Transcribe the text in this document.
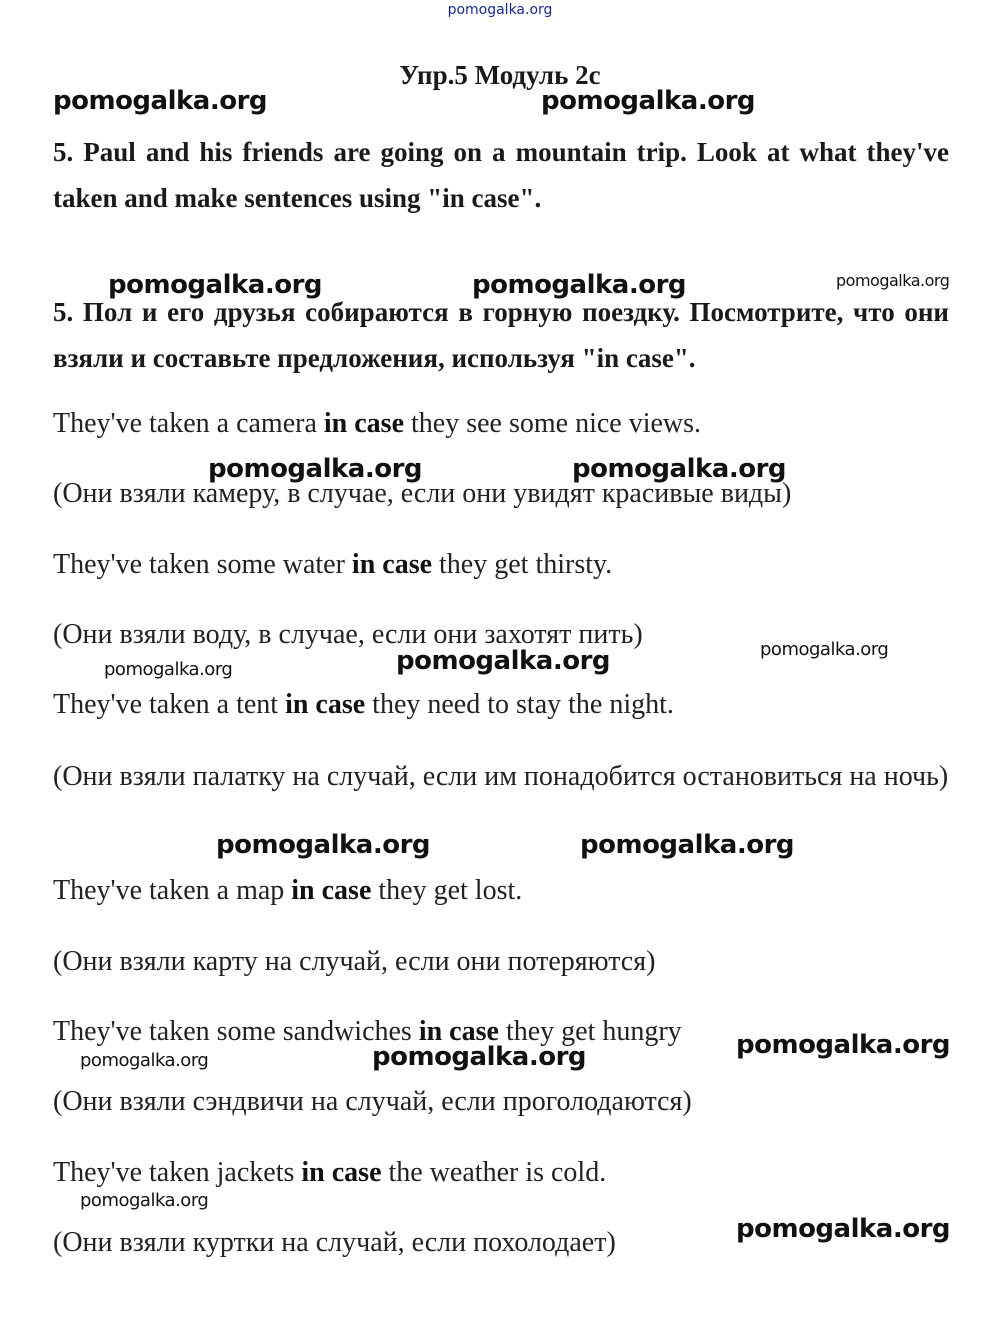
pomogalka.org
Упр.5 Модуль 2c
5. Paul and his friends are going on a mountain trip. Look at what they've taken and make sentences using "in case".
5. Пол и его друзья собираются в горную поездку. Посмотрите, что они взяли и составьте предложения, используя "in case".
They've taken a camera in case they see some nice views.
(Они взяли камеру, в случае, если они увидят красивые виды)
They've taken some water in case they get thirsty.
(Они взяли воду, в случае, если они захотят пить)
They've taken a tent in case they need to stay the night.
(Они взяли палатку на случай, если им понадобится остановиться на ночь)
They've taken a map in case they get lost.
(Они взяли карту на случай, если они потеряются)
They've taken some sandwiches in case they get hungry
(Они взяли сэндвичи на случай, если проголодаются)
They've taken jackets in case the weather is cold.
(Они взяли куртки на случай, если похолодает)
pomogalka.org	pomogalka.org
pomogalka.org	pomogalka.org	pomogalka.org
pomogalka.org	pomogalka.org
pomogalka.org	pomogalka.org	pomogalka.org
pomogalka.org	pomogalka.org
pomogalka.org	pomogalka.org	pomogalka.org
pomogalka.org
pomogalka.org
